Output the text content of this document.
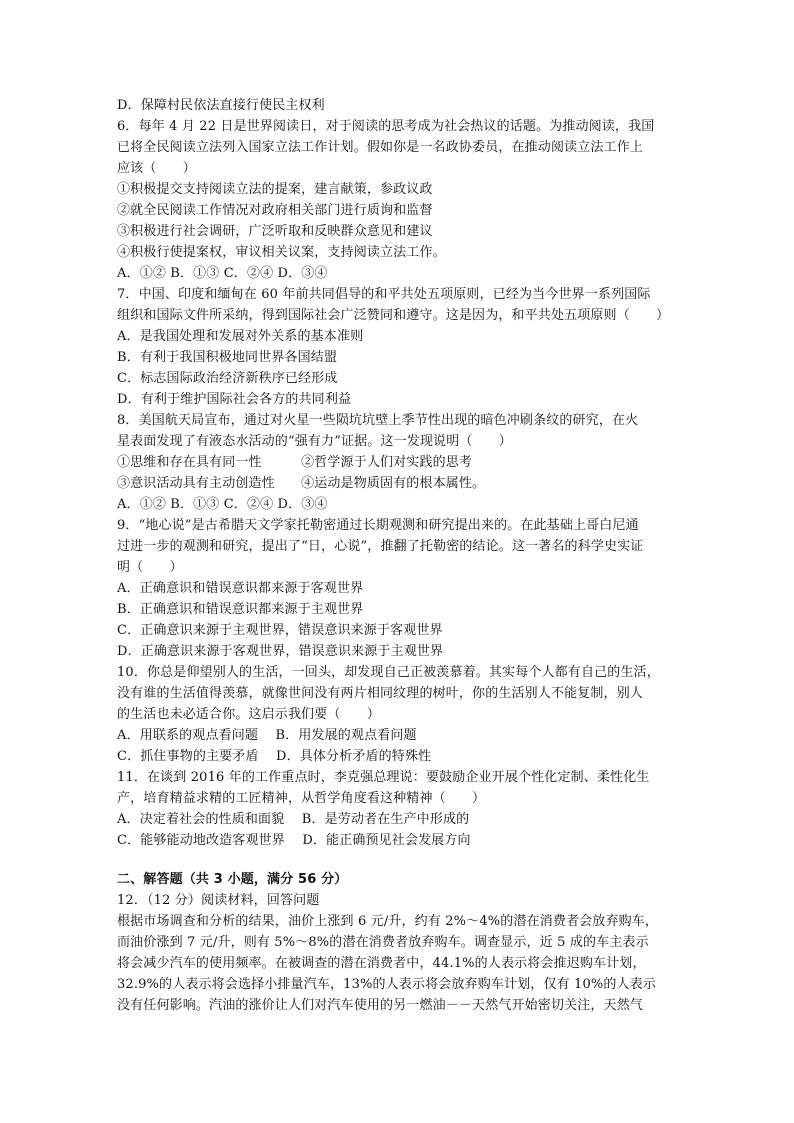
D．保障村民依法直接行使民主权利
6．每年 4 月 22 日是世界阅读日，对于阅读的思考成为社会热议的话题。为推动阅读，我国
已将全民阅读立法列入国家立法工作计划。假如你是一名政协委员，在推动阅读立法工作上
应该（　　）
①积极提交支持阅读立法的提案，建言献策，参政议政
②就全民阅读工作情况对政府相关部门进行质询和监督
③积极进行社会调研，广泛听取和反映群众意见和建议
④积极行使提案权，审议相关议案，支持阅读立法工作。
A．①② B．①③ C．②④ D．③④
7．中国、印度和缅甸在 60 年前共同倡导的和平共处五项原则，已经为当今世界一系列国际
组织和国际文件所采纳，得到国际社会广泛赞同和遵守。这是因为，和平共处五项原则（　　）
A．是我国处理和发展对外关系的基本准则
B．有利于我国积极地同世界各国结盟
C．标志国际政治经济新秩序已经形成
D．有利于维护国际社会各方的共同利益
8．美国航天局宣布，通过对火星一些陨坑坑壁上季节性出现的暗色冲刷条纹的研究，在火
星表面发现了有液态水活动的“强有力”证据。这一发现说明（　　）
①思维和存在具有同一性　　　②哲学源于人们对实践的思考
③意识活动具有主动创造性　　④运动是物质固有的根本属性。
A．①② B．①③ C．②④ D．③④
9．“地心说”是古希腊天文学家托勒密通过长期观测和研究提出来的。在此基础上哥白尼通
过进一步的观测和研究，提出了“日，心说”，推翻了托勒密的结论。这一著名的科学史实证
明（　　）
A．正确意识和错误意识都来源于客观世界
B．正确意识和错误意识都来源于主观世界
C．正确意识来源于主观世界，错误意识来源于客观世界
D．正确意识来源于客观世界，错误意识来源于主观世界
10．你总是仰望别人的生活，一回头，却发现自己正被羡慕着。其实每个人都有自己的生活，
没有谁的生活值得羡慕，就像世间没有两片相同纹理的树叶，你的生活别人不能复制，别人
的生活也未必适合你。这启示我们要（　　）
A．用联系的观点看问题　 B．用发展的观点看问题
C．抓住事物的主要矛盾　 D．具体分析矛盾的特殊性
11．在谈到 2016 年的工作重点时，李克强总理说：要鼓励企业开展个性化定制、柔性化生
产，培育精益求精的工匠精神，从哲学角度看这种精神（　　）
A．决定着社会的性质和面貌　 B．是劳动者在生产中形成的
C．能够能动地改造客观世界　 D．能正确预见社会发展方向
二、解答题（共 3 小题，满分 56 分）
12．（12 分）阅读材料，回答问题
根据市场调查和分析的结果，油价上涨到 6 元/升，约有 2%～4%的潜在消费者会放弃购车，
而油价涨到 7 元/升，则有 5%～8%的潜在消费者放弃购车。调查显示，近 5 成的车主表示
将会减少汽车的使用频率。在被调查的潜在消费者中，44.1%的人表示将会推迟购车计划，
32.9%的人表示将会选择小排量汽车，13%的人表示将会放弃购车计划，仅有 10%的人表示
没有任何影响。汽油的涨价让人们对汽车使用的另一燃油－－天然气开始密切关注，天然气
